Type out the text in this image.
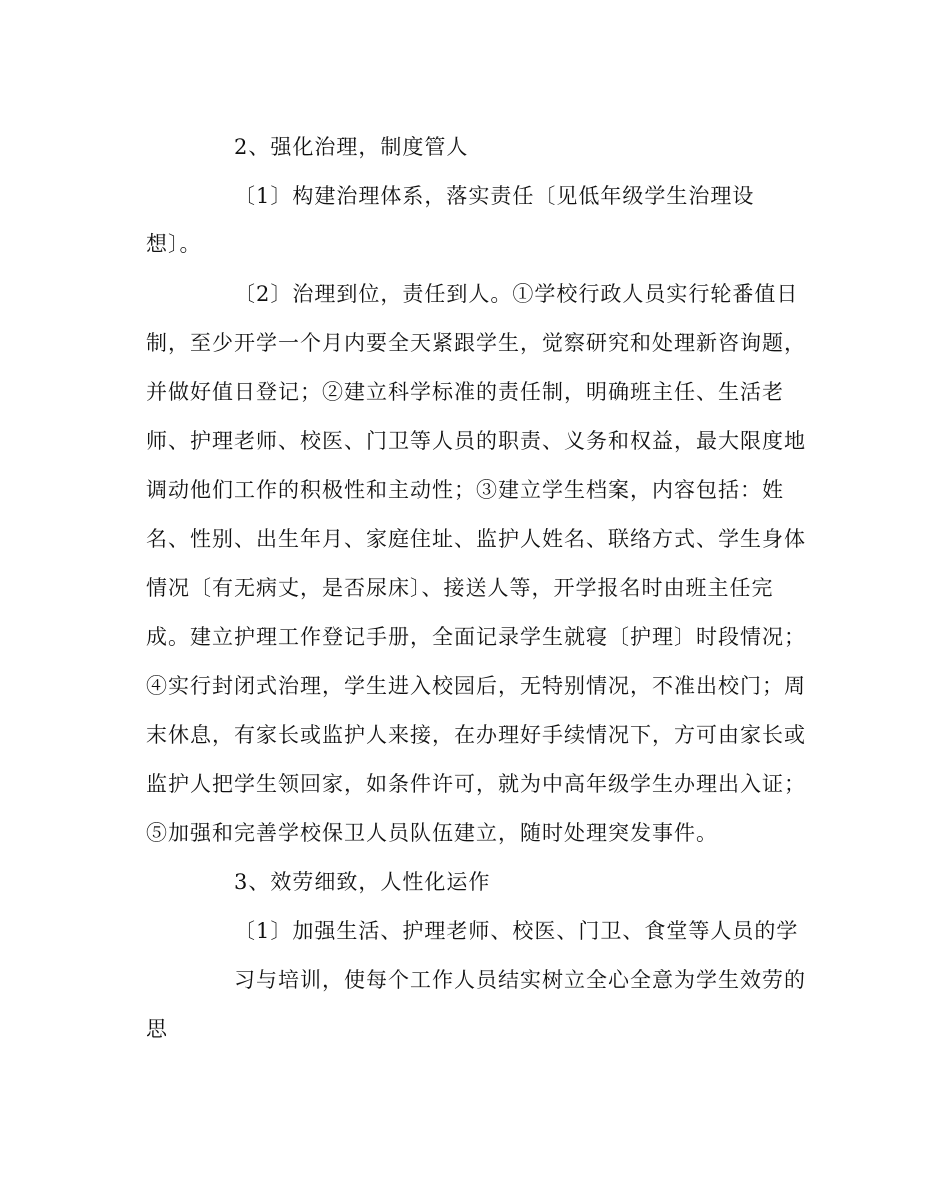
2、强化治理，制度管人
〔1〕构建治理体系，落实责任〔见低年级学生治理设
想〕。
〔2〕治理到位，责任到人。①学校行政人员实行轮番值日
制，至少开学一个月内要全天紧跟学生，觉察研究和处理新咨询题，
并做好值日登记；②建立科学标准的责任制，明确班主任、生活老
师、护理老师、校医、门卫等人员的职责、义务和权益，最大限度地
调动他们工作的积极性和主动性；③建立学生档案，内容包括：姓
名、性别、出生年月、家庭住址、监护人姓名、联络方式、学生身体
情况〔有无病丈，是否尿床〕、接送人等，开学报名时由班主任完
成。建立护理工作登记手册，全面记录学生就寝〔护理〕时段情况；
④实行封闭式治理，学生进入校园后，无特别情况，不准出校门；周
末休息，有家长或监护人来接，在办理好手续情况下，方可由家长或
监护人把学生领回家，如条件许可，就为中高年级学生办理出入证；
⑤加强和完善学校保卫人员队伍建立，随时处理突发事件。
3、效劳细致，人性化运作
〔1〕加强生活、护理老师、校医、门卫、食堂等人员的学
习与培训，使每个工作人员结实树立全心全意为学生效劳的
思
